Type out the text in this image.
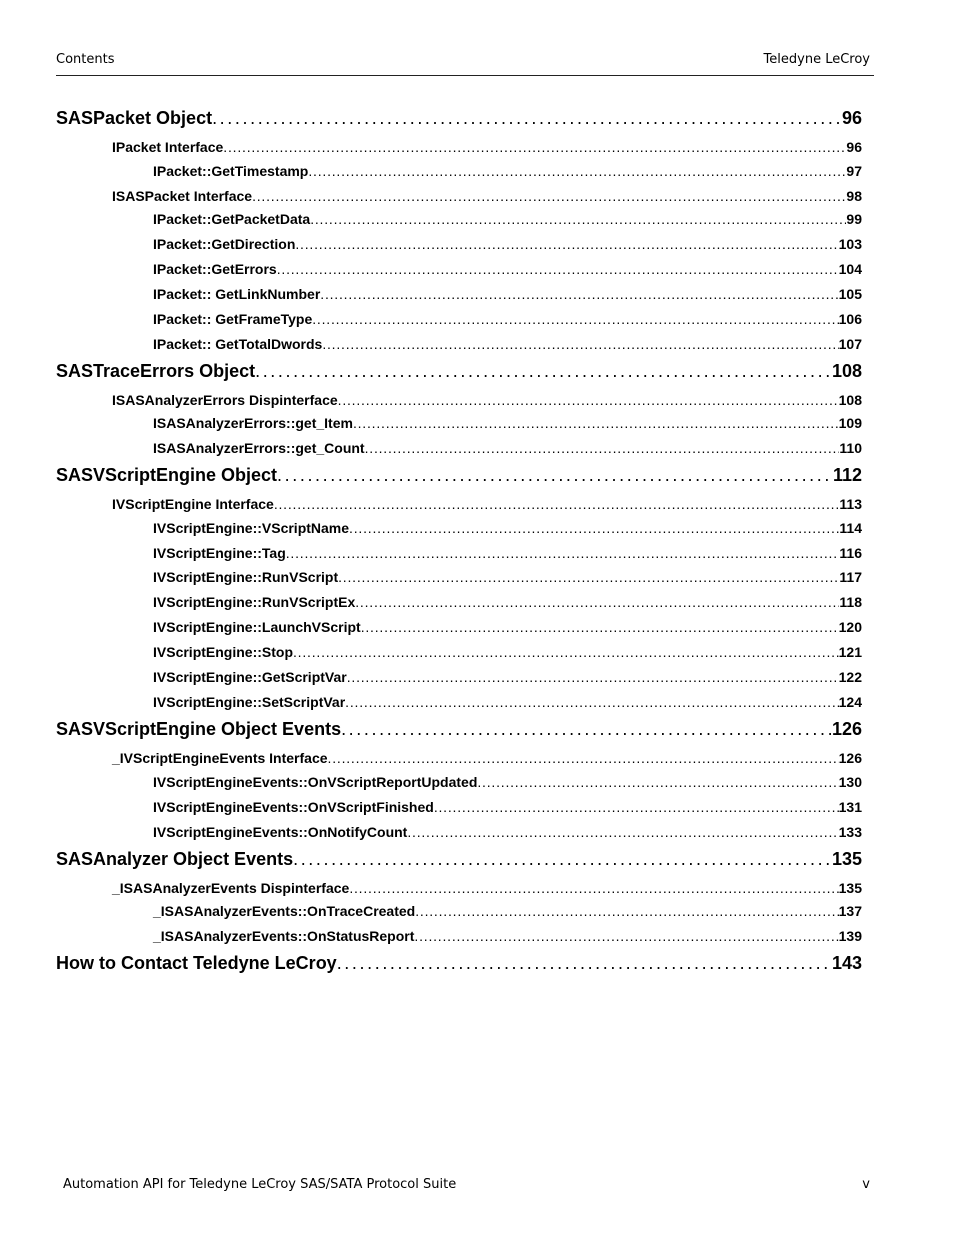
Contents	Teledyne LeCroy
SASPacket Object . . .	96
IPacket Interface . . .	96
IPacket::GetTimestamp . . .	97
ISASPacket Interface . . .	98
IPacket::GetPacketData . . .	99
IPacket::GetDirection . . .	103
IPacket::GetErrors . . .	104
IPacket:: GetLinkNumber . . .	105
IPacket:: GetFrameType . . .	106
IPacket:: GetTotalDwords . . .	107
SASTraceErrors Object . . .	108
ISASAnalyzerErrors Dispinterface . . .	108
ISASAnalyzerErrors::get_Item . . .	109
ISASAnalyzerErrors::get_Count . . .	110
SASVScriptEngine Object . . .	112
IVScriptEngine Interface . . .	113
IVScriptEngine::VScriptName . . .	114
IVScriptEngine::Tag . . .	116
IVScriptEngine::RunVScript . . .	117
IVScriptEngine::RunVScriptEx . . .	118
IVScriptEngine::LaunchVScript . . .	120
IVScriptEngine::Stop . . .	121
IVScriptEngine::GetScriptVar . . .	122
IVScriptEngine::SetScriptVar . . .	124
SASVScriptEngine Object Events . . .	126
_IVScriptEngineEvents Interface . . .	126
IVScriptEngineEvents::OnVScriptReportUpdated . . .	130
IVScriptEngineEvents::OnVScriptFinished . . .	131
IVScriptEngineEvents::OnNotifyCount . . .	133
SASAnalyzer Object Events . . .	135
_ISASAnalyzerEvents Dispinterface . . .	135
_ISASAnalyzerEvents::OnTraceCreated . . .	137
_ISASAnalyzerEvents::OnStatusReport . . .	139
How to Contact Teledyne LeCroy . . .	143
Automation API for Teledyne LeCroy SAS/SATA Protocol Suite	v
